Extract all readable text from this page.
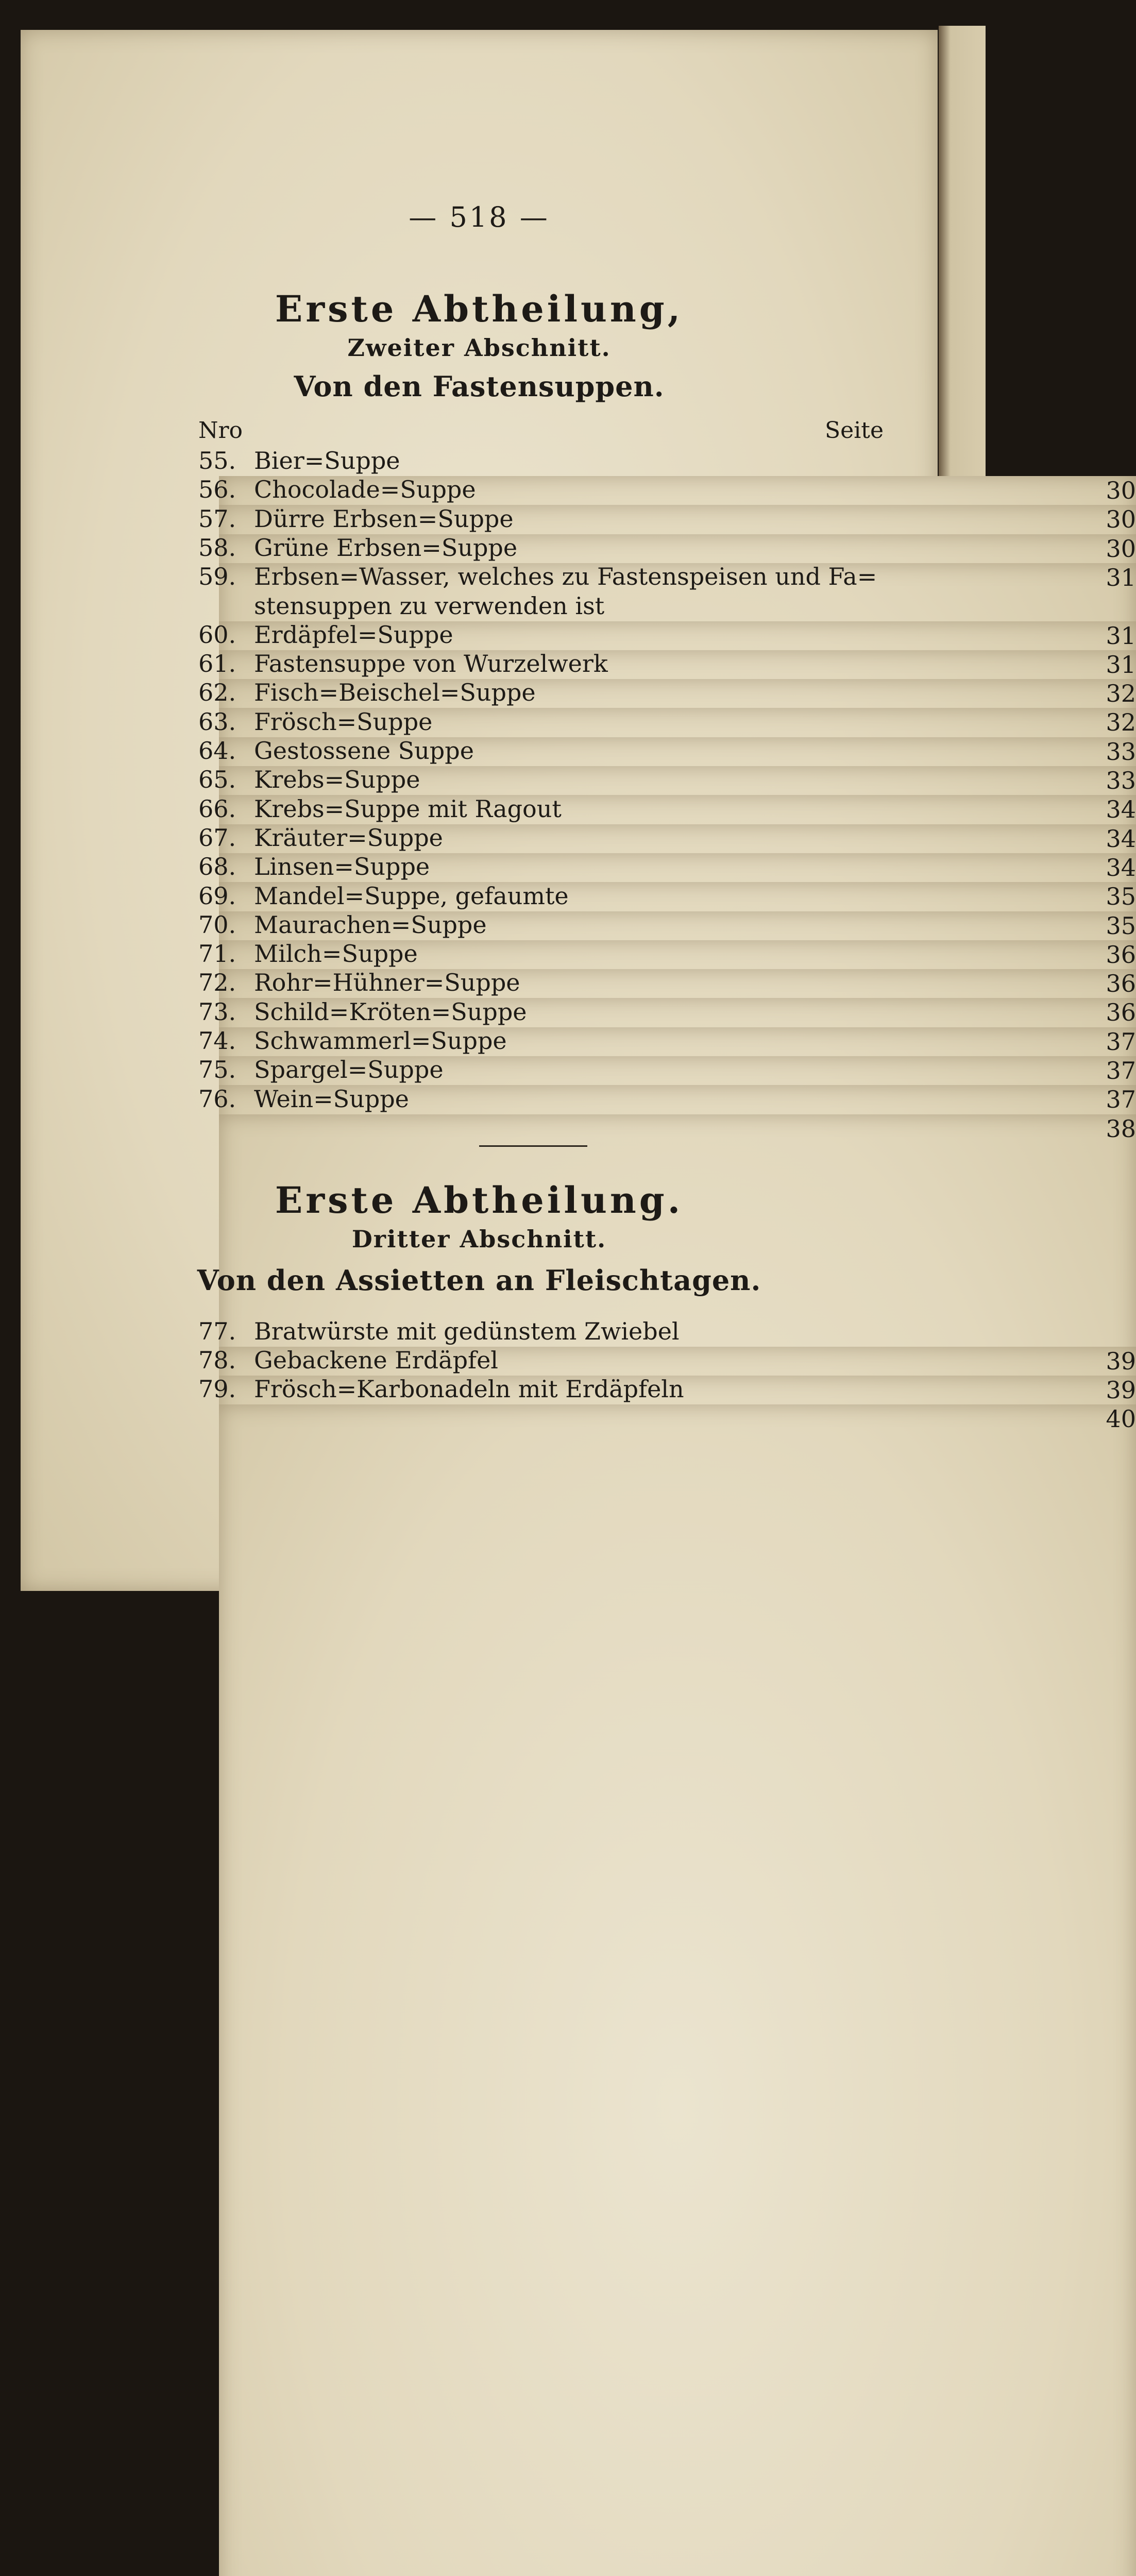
— 518 —
Erste Abtheilung,
Zweiter Abschnitt.
Von den Fastensuppen.
Nro	Seite
55. Bier=Suppe
30
56. Chocolade=Suppe
30
57. Dürre Erbsen=Suppe
30
58. Grüne Erbsen=Suppe
31
59. Erbsen=Wasser, welches zu Fastenspeisen und Fa=
stensuppen zu verwenden ist
31
60. Erdäpfel=Suppe
31
61. Fastensuppe von Wurzelwerk
32
62. Fisch=Beischel=Suppe
32
63. Frösch=Suppe
33
64. Gestossene Suppe
33
65. Krebs=Suppe
34
66. Krebs=Suppe mit Ragout
34
67. Kräuter=Suppe
34
68. Linsen=Suppe
35
69. Mandel=Suppe, gefaumte
35
70. Maurachen=Suppe
36
71. Milch=Suppe
36
72. Rohr=Hühner=Suppe
36
73. Schild=Kröten=Suppe
37
74. Schwammerl=Suppe
37
75. Spargel=Suppe
37
76. Wein=Suppe
38
Erste Abtheilung.
Dritter Abschnitt.
Von den Assietten an Fleischtagen.
77. Bratwürste mit gedünstem Zwiebel
39
78. Gebackene Erdäpfel
39
79. Frösch=Karbonadeln mit Erdäpfeln
40
